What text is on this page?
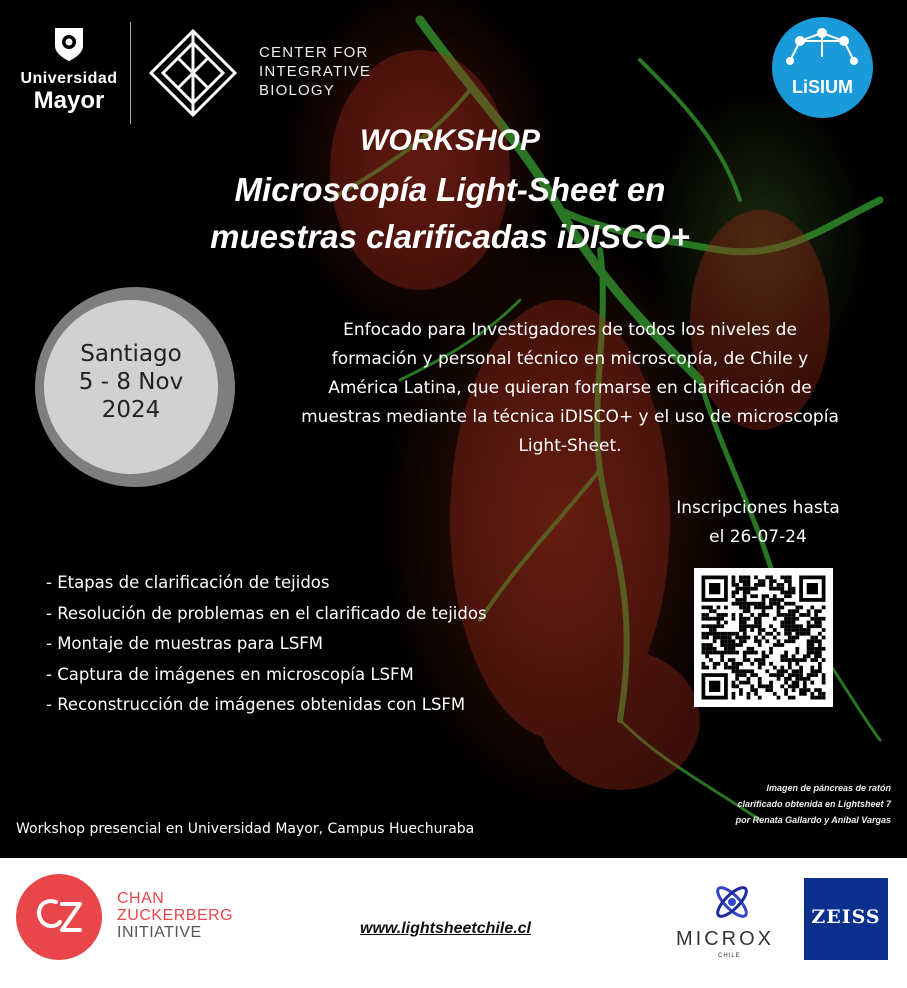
Universidad
Mayor
CENTER FOR
INTEGRATIVE
BIOLOGY	LiSIUM
WORKSHOP
Microscopía Light-Sheet en
muestras clarificadas iDISCO+
Santiago
5 - 8 Nov
2024
Enfocado para Investigadores de todos los niveles de
formación y personal técnico en microscopía, de Chile y
América Latina, que quieran formarse en clarificación de
muestras mediante la técnica iDISCO+ y el uso de microscopía
Light-Sheet.
Inscripciones hasta
el 26-07-24
- Etapas de clarificación de tejidos
- Resolución de problemas en el clarificado de tejidos
- Montaje de muestras para LSFM
- Captura de imágenes en microscopía LSFM
- Reconstrucción de imágenes obtenidas con LSFM
Imagen de páncreas de ratón
clarificado obtenida en Lightsheet 7
por Renata Gallardo y Aníbal Vargas
Workshop presencial en Universidad Mayor, Campus Huechuraba
CHAN
ZUCKERBERG
INITIATIVE	www.lightsheetchile.cl	MICROX
CHILE
ZEISS
